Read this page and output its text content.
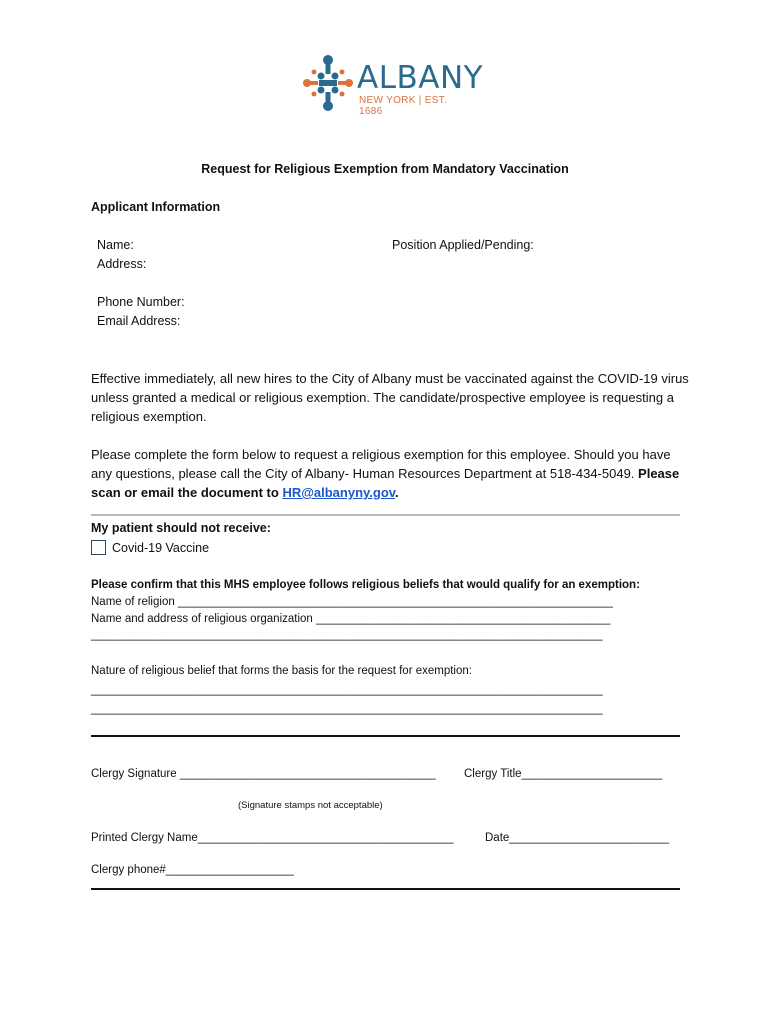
ALBANY
NEW YORK | EST. 1686
Request for Religious Exemption from Mandatory Vaccination
Applicant Information
Name:	Position Applied/Pending:
Address:
Phone Number:
Email Address:
Effective immediately, all new hires to the City of Albany must be vaccinated against the COVID-19 virus unless granted a medical or religious exemption. The candidate/prospective employee is requesting a religious exemption.
Please complete the form below to request a religious exemption for this employee. Should you have any questions, please call the City of Albany- Human Resources Department at 518-434-5049. Please scan or email the document to HR@albanyny.gov.
My patient should not receive:
Covid-19 Vaccine
Please confirm that this MHS employee follows religious beliefs that would qualify for an exemption:
Name of religion ____________________________________________________________________
Name and address of religious organization ______________________________________________
________________________________________________________________________________
Nature of religious belief that forms the basis for the request for exemption:
________________________________________________________________________________
________________________________________________________________________________
Clergy Signature ________________________________________ Clergy Title______________________
(Signature stamps not acceptable)
Printed Clergy Name________________________________________	Date_________________________
Clergy phone#____________________
